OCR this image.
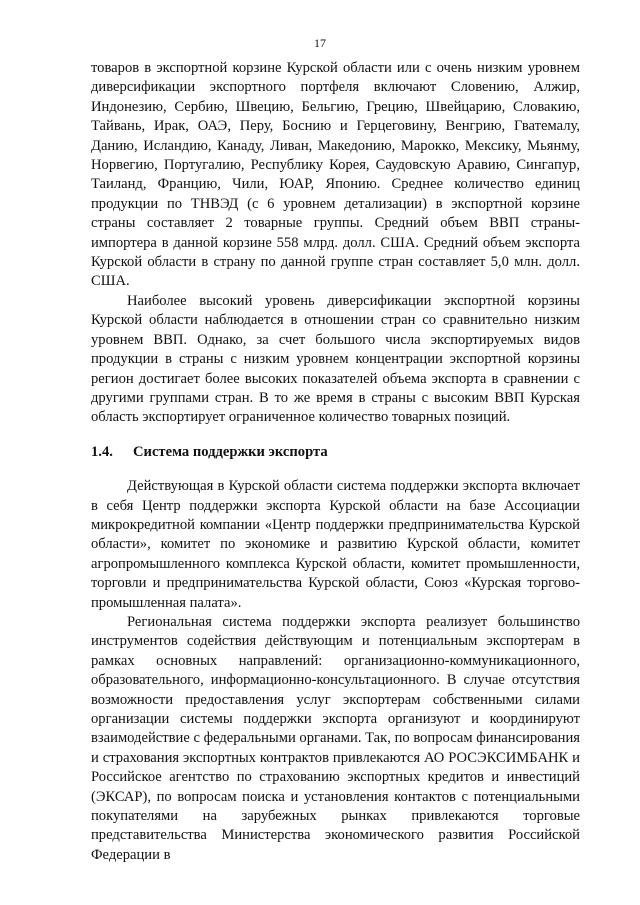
17

товаров в экспортной корзине Курской области или с очень низким уровнем диверсификации экспортного портфеля включают Словению, Алжир, Индонезию, Сербию, Швецию, Бельгию, Грецию, Швейцарию, Словакию, Тайвань, Ирак, ОАЭ, Перу, Боснию и Герцеговину, Венгрию, Гватемалу, Данию, Исландию, Канаду, Ливан, Македонию, Марокко, Мексику, Мьянму, Норвегию, Португалию, Республику Корея, Саудовскую Аравию, Сингапур, Таиланд, Францию, Чили, ЮАР, Японию. Среднее количество единиц продукции по ТНВЭД (с 6 уровнем детализации) в экспортной корзине страны составляет 2 товарные группы. Средний объем ВВП страны-импортера в данной корзине 558 млрд. долл. США. Средний объем экспорта Курской области в страну по данной группе стран составляет 5,0 млн. долл. США.

Наиболее высокий уровень диверсификации экспортной корзины Курской области наблюдается в отношении стран со сравнительно низким уровнем ВВП. Однако, за счет большого числа экспортируемых видов продукции в страны с низким уровнем концентрации экспортной корзины регион достигает более высоких показателей объема экспорта в сравнении с другими группами стран. В то же время в страны с высоким ВВП Курская область экспортирует ограниченное количество товарных позиций.

1.4. Система поддержки экспорта

Действующая в Курской области система поддержки экспорта включает в себя Центр поддержки экспорта Курской области на базе Ассоциации микрокредитной компании «Центр поддержки предпринимательства Курской области», комитет по экономике и развитию Курской области, комитет агропромышленного комплекса Курской области, комитет промышленности, торговли и предпринимательства Курской области, Союз «Курская торгово-промышленная палата».

Региональная система поддержки экспорта реализует большинство инструментов содействия действующим и потенциальным экспортерам в рамках основных направлений: организационно-коммуникационного, образовательного, информационно-консультационного. В случае отсутствия возможности предоставления услуг экспортерам собственными силами организации системы поддержки экспорта организуют и координируют взаимодействие с федеральными органами. Так, по вопросам финансирования и страхования экспортных контрактов привлекаются АО РОСЭКСИМБАНК и Российское агентство по страхованию экспортных кредитов и инвестиций (ЭКСАР), по вопросам поиска и установления контактов с потенциальными покупателями на зарубежных рынках привлекаются торговые представительства Министерства экономического развития Российской Федерации в
